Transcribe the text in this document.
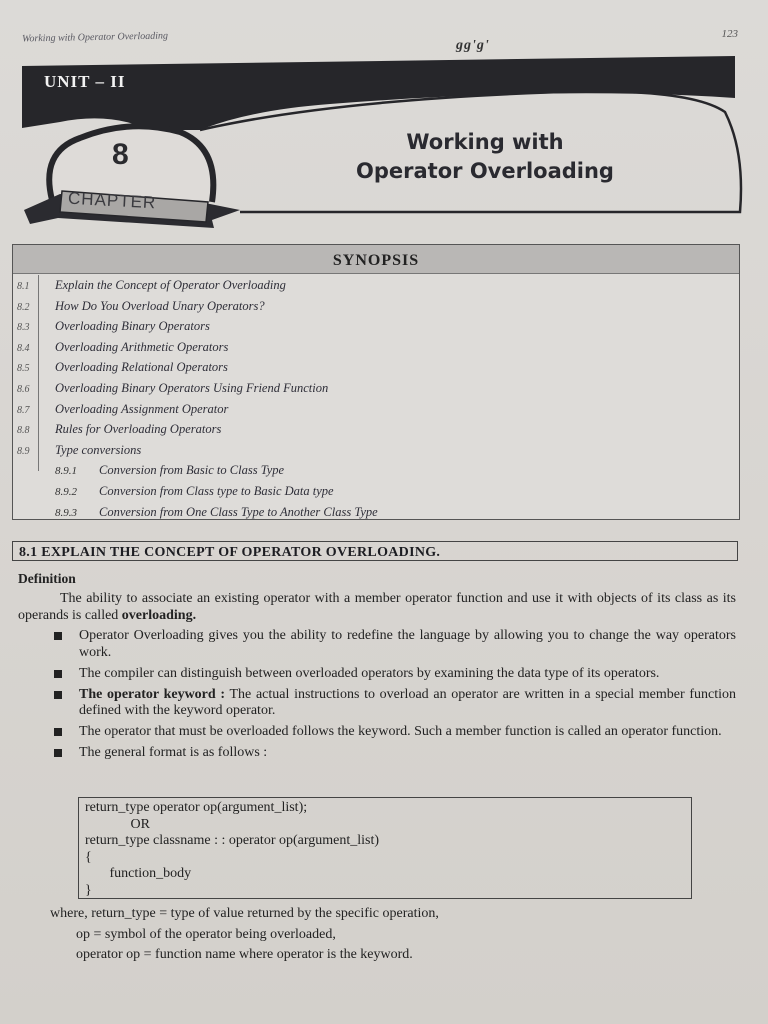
Working with Operator Overloading
gg'g'
123
UNIT – II
8
CHAPTER
Working with
Operator Overloading
SYNOPSIS
8.1 Explain the Concept of Operator Overloading
8.2 How Do You Overload Unary Operators?
8.3 Overloading Binary Operators
8.4 Overloading Arithmetic Operators
8.5 Overloading Relational Operators
8.6 Overloading Binary Operators Using Friend Function
8.7 Overloading Assignment Operator
8.8 Rules for Overloading Operators
8.9 Type conversions
8.9.1 Conversion from Basic to Class Type
8.9.2 Conversion from Class type to Basic Data type
8.9.3 Conversion from One Class Type to Another Class Type
8.1 EXPLAIN THE CONCEPT OF OPERATOR OVERLOADING.
Definition
The ability to associate an existing operator with a member operator function and use it with objects of its class as its operands is called overloading.
Operator Overloading gives you the ability to redefine the language by allowing you to change the way operators work.
The compiler can distinguish between overloaded operators by examining the data type of its operators.
The operator keyword : The actual instructions to overload an operator are written in a special member function defined with the keyword operator.
The operator that must be overloaded follows the keyword. Such a member function is called an operator function.
The general format is as follows :
return_type operator op(argument_list);
OR
return_type classname : : operator op(argument_list)
{
function_body
}
where, return_type = type of value returned by the specific operation,
op = symbol of the operator being overloaded,
operator op = function name where operator is the keyword.
